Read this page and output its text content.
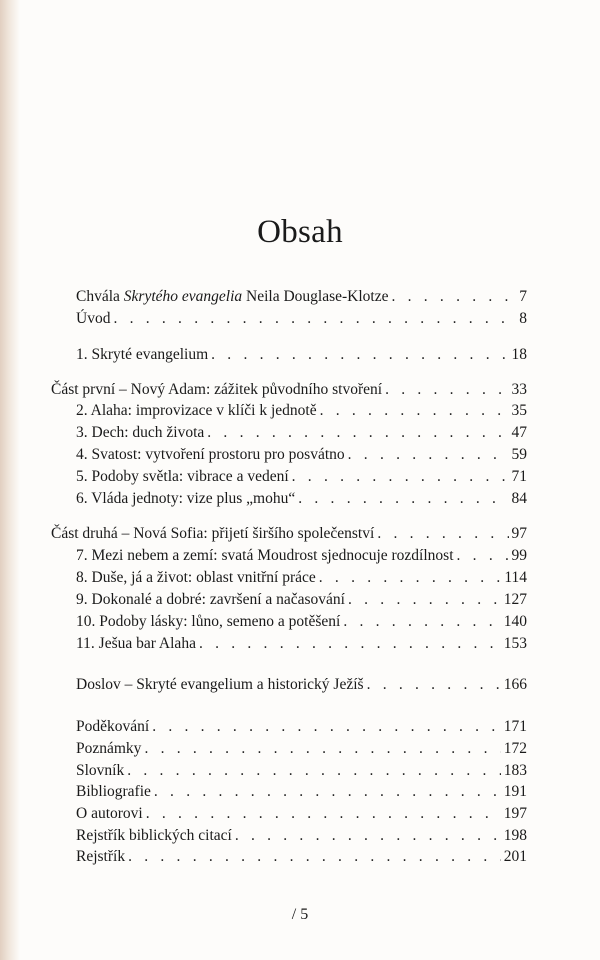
Obsah
Chvála Skrytého evangelia Neila Douglase-Klotze . . .	7
Úvod . . .	8
1. Skryté evangelium . . .	18
Část první – Nový Adam: zážitek původního stvoření . . .	33
2. Alaha: improvizace v klíči k jednotě . . .	35
3. Dech: duch života . . .	47
4. Svatost: vytvoření prostoru pro posvátno . . .	59
5. Podoby světla: vibrace a vedení . . .	71
6. Vláda jednoty: vize plus „mohu“ . . .	84
Část druhá – Nová Sofia: přijetí širšího společenství . . .	97
7. Mezi nebem a zemí: svatá Moudrost sjednocuje rozdílnost . . .	99
8. Duše, já a život: oblast vnitřní práce . . .	114
9. Dokonalé a dobré: završení a načasování . . .	127
10. Podoby lásky: lůno, semeno a potěšení . . .	140
11. Ješua bar Alaha . . .	153
Doslov – Skryté evangelium a historický Ježíš . . .	166
Poděkování . . .	171
Poznámky . . .	172
Slovník . . .	183
Bibliografie . . .	191
O autorovi . . .	197
Rejstřík biblických citací . . .	198
Rejstřík . . .	201
/ 5
